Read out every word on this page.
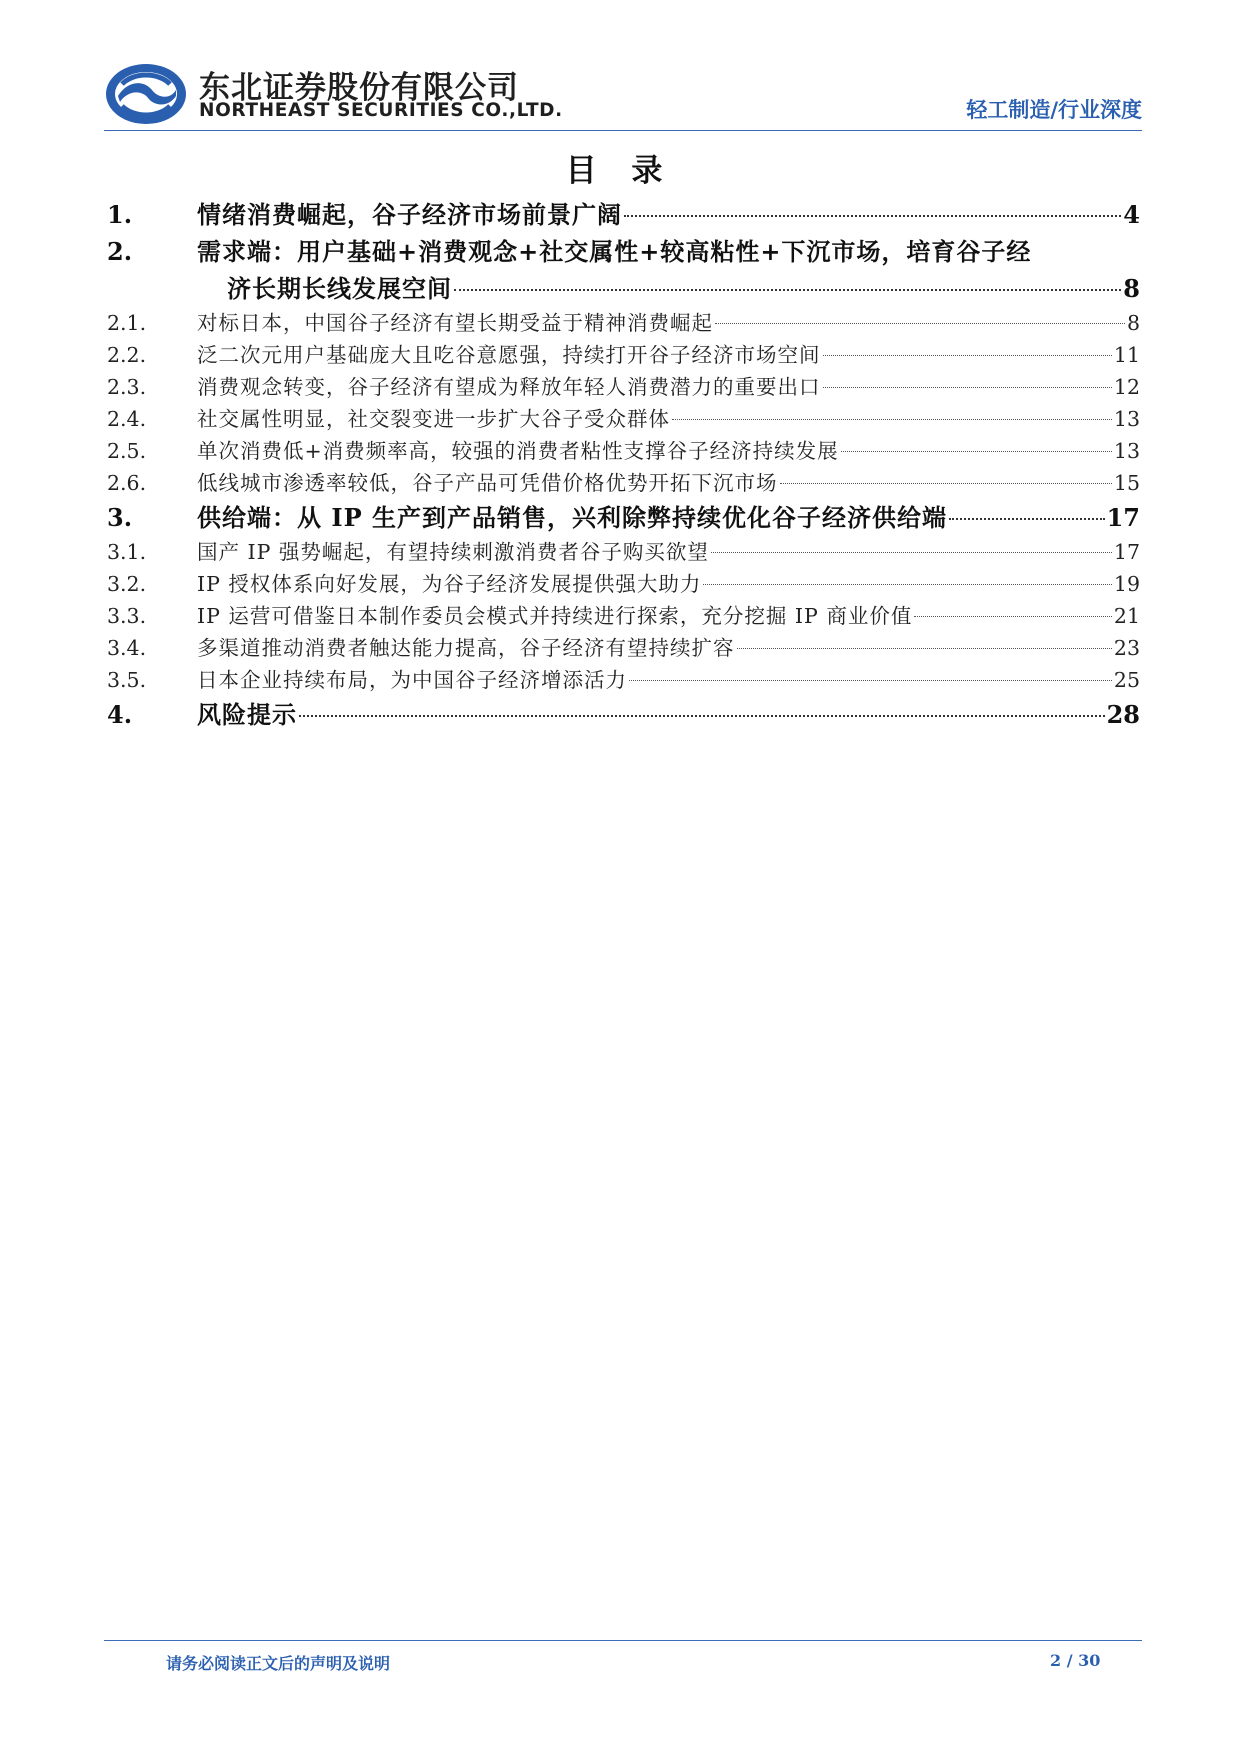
东北证券股份有限公司
NORTHEAST SECURITIES CO.,LTD.	轻工制造/行业深度
目 录
1.	情绪消费崛起，谷子经济市场前景广阔	4
2.	需求端：用户基础+消费观念+社交属性+较高粘性+下沉市场，培育谷子经
济长期长线发展空间	8
2.1. 对标日本，中国谷子经济有望长期受益于精神消费崛起	8
2.2. 泛二次元用户基础庞大且吃谷意愿强，持续打开谷子经济市场空间	11
2.3. 消费观念转变，谷子经济有望成为释放年轻人消费潜力的重要出口	12
2.4. 社交属性明显，社交裂变进一步扩大谷子受众群体	13
2.5. 单次消费低+消费频率高，较强的消费者粘性支撑谷子经济持续发展	13
2.6. 低线城市渗透率较低，谷子产品可凭借价格优势开拓下沉市场	15
3.	供给端：从 IP 生产到产品销售，兴利除弊持续优化谷子经济供给端	17
3.1. 国产 IP 强势崛起，有望持续刺激消费者谷子购买欲望	17
3.2. IP 授权体系向好发展，为谷子经济发展提供强大助力	19
3.3. IP 运营可借鉴日本制作委员会模式并持续进行探索，充分挖掘 IP 商业价值	21
3.4. 多渠道推动消费者触达能力提高，谷子经济有望持续扩容	23
3.5. 日本企业持续布局，为中国谷子经济增添活力	25
4.	风险提示	28
请务必阅读正文后的声明及说明	2 / 30
